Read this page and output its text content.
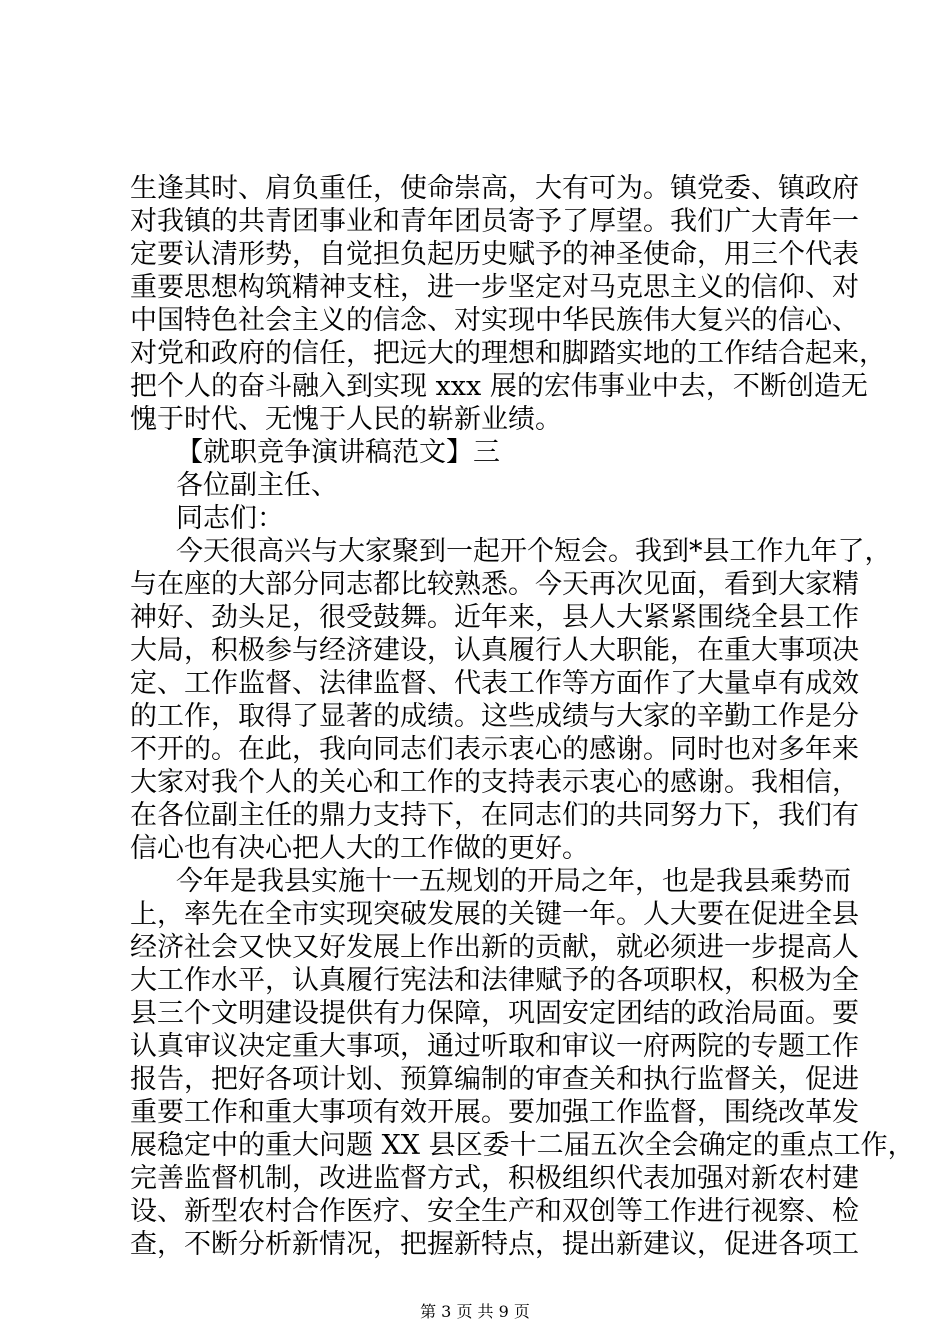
生逢其时、肩负重任，使命崇高，大有可为。镇党委、镇政府
对我镇的共青团事业和青年团员寄予了厚望。我们广大青年一
定要认清形势，自觉担负起历史赋予的神圣使命，用三个代表
重要思想构筑精神支柱，进一步坚定对马克思主义的信仰、对
中国特色社会主义的信念、对实现中华民族伟大复兴的信心、
对党和政府的信任，把远大的理想和脚踏实地的工作结合起来，
把个人的奋斗融入到实现 xxx 展的宏伟事业中去，不断创造无
愧于时代、无愧于人民的崭新业绩。
【就职竞争演讲稿范文】三
各位副主任、
同志们：
今天很高兴与大家聚到一起开个短会。我到*县工作九年了，
与在座的大部分同志都比较熟悉。今天再次见面，看到大家精
神好、劲头足，很受鼓舞。近年来，县人大紧紧围绕全县工作
大局，积极参与经济建设，认真履行人大职能，在重大事项决
定、工作监督、法律监督、代表工作等方面作了大量卓有成效
的工作，取得了显著的成绩。这些成绩与大家的辛勤工作是分
不开的。在此，我向同志们表示衷心的感谢。同时也对多年来
大家对我个人的关心和工作的支持表示衷心的感谢。我相信，
在各位副主任的鼎力支持下，在同志们的共同努力下，我们有
信心也有决心把人大的工作做的更好。
今年是我县实施十一五规划的开局之年，也是我县乘势而
上，率先在全市实现突破发展的关键一年。人大要在促进全县
经济社会又快又好发展上作出新的贡献，就必须进一步提高人
大工作水平，认真履行宪法和法律赋予的各项职权，积极为全
县三个文明建设提供有力保障，巩固安定团结的政治局面。要
认真审议决定重大事项，通过听取和审议一府两院的专题工作
报告，把好各项计划、预算编制的审查关和执行监督关，促进
重要工作和重大事项有效开展。要加强工作监督，围绕改革发
展稳定中的重大问题 XX 县区委十二届五次全会确定的重点工作，
完善监督机制，改进监督方式，积极组织代表加强对新农村建
设、新型农村合作医疗、安全生产和双创等工作进行视察、检
查，不断分析新情况，把握新特点，提出新建议，促进各项工
第 3 页 共 9 页
